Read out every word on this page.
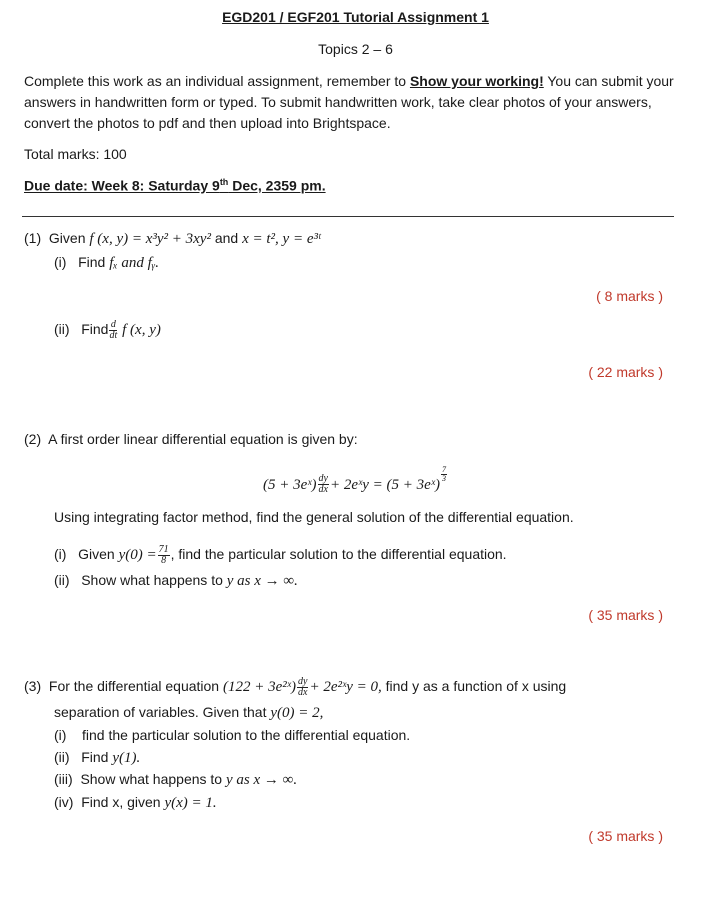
EGD201 / EGF201 Tutorial Assignment 1
Topics 2 – 6
Complete this work as an individual assignment, remember to Show your working! You can submit your answers in handwritten form or typed. To submit handwritten work, take clear photos of your answers, convert the photos to pdf and then upload into Brightspace.
Total marks: 100
Due date: Week 8: Saturday 9th Dec, 2359 pm.
(1) Given f (x, y) = x³y² + 3xy² and x = t², y = e³ᵗ
(i) Find fₓ and fᵧ.
( 8 marks )
(ii) Find $\frac{d}{dt}$ f (x, y)
( 22 marks )
(2) A first order linear differential equation is given by:
(5 + 3eˣ) $\frac{dy}{dx}$ + 2eˣy = (5 + 3eˣ)
$^{\frac{7}{3}}$
Using integrating factor method, find the general solution of the differential equation.
(i) Given $y(0) = \frac{71}{8}$ , find the particular solution to the differential equation.
(ii) Show what happens to y as x → ∞.
( 35 marks )
(3) For the differential equation (122 + 3e²ˣ) $\frac{dy}{dx}$ + 2e²ˣy = 0, find y as a function of x using
separation of variables. Given that y(0) = 2,
(i) find the particular solution to the differential equation.
(ii) Find y(1).
(iii) Show what happens to y as x → ∞.
(iv) Find x, given y(x) = 1.
( 35 marks )
